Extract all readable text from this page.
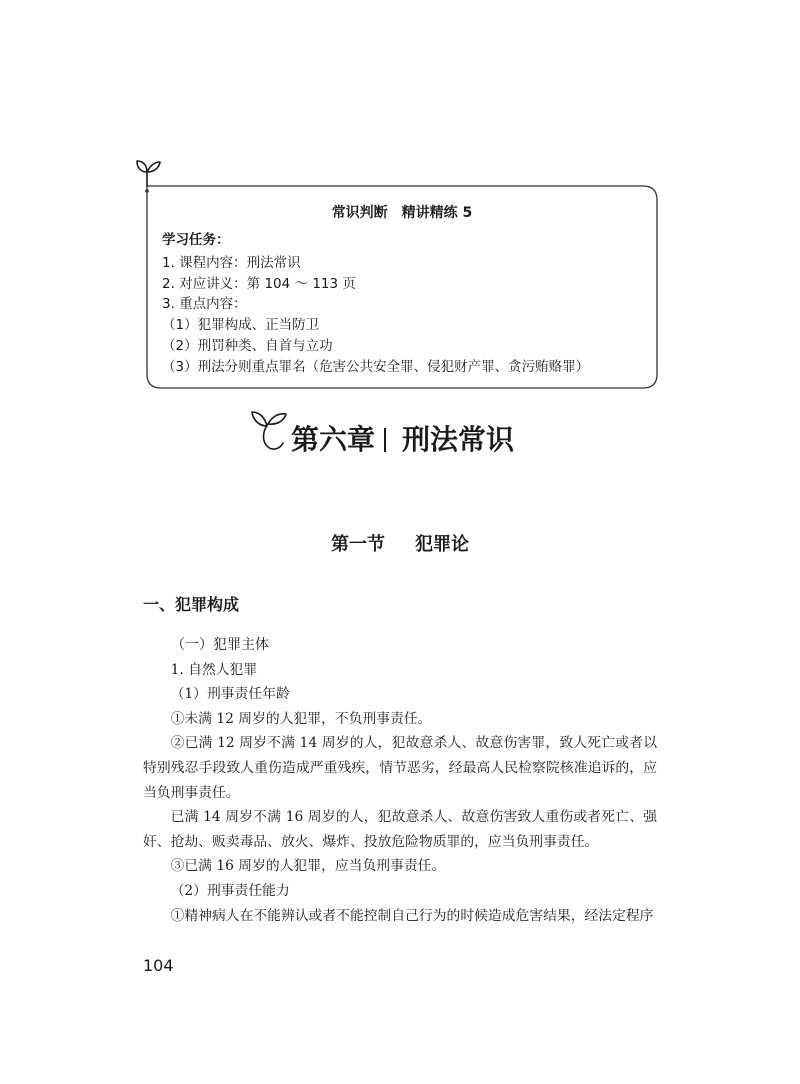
常识判断　精讲精练 5
学习任务：
1. 课程内容：刑法常识
2. 对应讲义：第 104 ～ 113 页
3. 重点内容：
（1）犯罪构成、正当防卫
（2）刑罚种类、自首与立功
（3）刑法分则重点罪名（危害公共安全罪、侵犯财产罪、贪污贿赂罪）
第六章 刑法常识
第一节 犯罪论
一、犯罪构成

（一）犯罪主体

1. 自然人犯罪

（1）刑事责任年龄

①未满 12 周岁的人犯罪，不负刑事责任。

②已满 12 周岁不满 14 周岁的人，犯故意杀人、故意伤害罪，致人死亡或者以特别残忍手段致人重伤造成严重残疾，情节恶劣，经最高人民检察院核准追诉的，应当负刑事责任。

已满 14 周岁不满 16 周岁的人，犯故意杀人、故意伤害致人重伤或者死亡、强奸、抢劫、贩卖毒品、放火、爆炸、投放危险物质罪的，应当负刑事责任。

③已满 16 周岁的人犯罪，应当负刑事责任。

（2）刑事责任能力

①精神病人在不能辨认或者不能控制自己行为的时候造成危害结果，经法定程序

104
